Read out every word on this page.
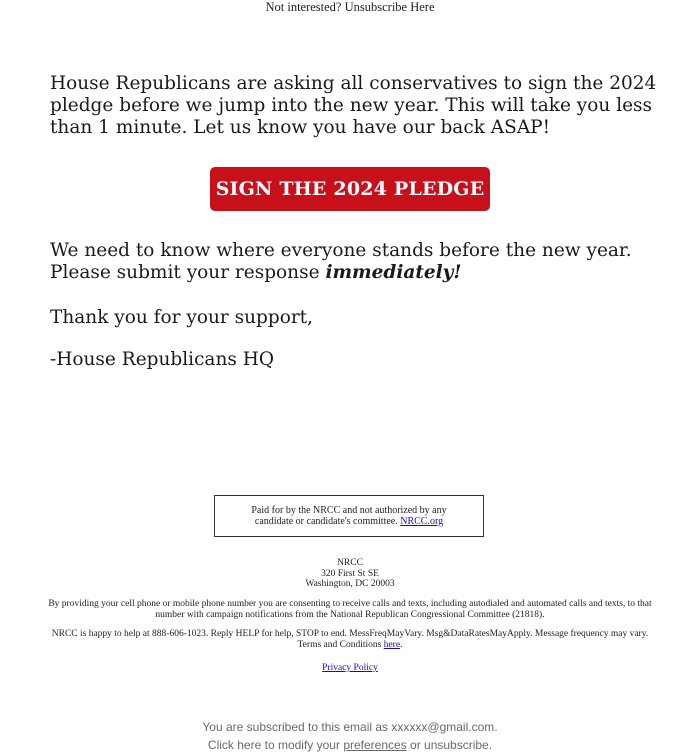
Not interested? Unsubscribe Here

House Republicans are asking all conservatives to sign the 2024 pledge before we jump into the new year. This will take you less than 1 minute. Let us know you have our back ASAP!

SIGN THE 2024 PLEDGE

We need to know where everyone stands before the new year.
Please submit your response immediately!

Thank you for your support,

-House Republicans HQ

Paid for by the NRCC and not authorized by any candidate or candidate's committee. NRCC.org
NRCC
320 First St SE
Washington, DC 20003
By providing your cell phone or mobile phone number you are consenting to receive calls and texts, including autodialed and automated calls and texts, to that number with campaign notifications from the National Republican Congressional Committee (21818).
NRCC is happy to help at 888-606-1023. Reply HELP for help, STOP to end. MessFreqMayVary. Msg&DataRatesMayApply. Message frequency may vary. Terms and Conditions here.
Privacy Policy
You are subscribed to this email as xxxxxx@gmail.com.
Click here to modify your preferences or unsubscribe.
